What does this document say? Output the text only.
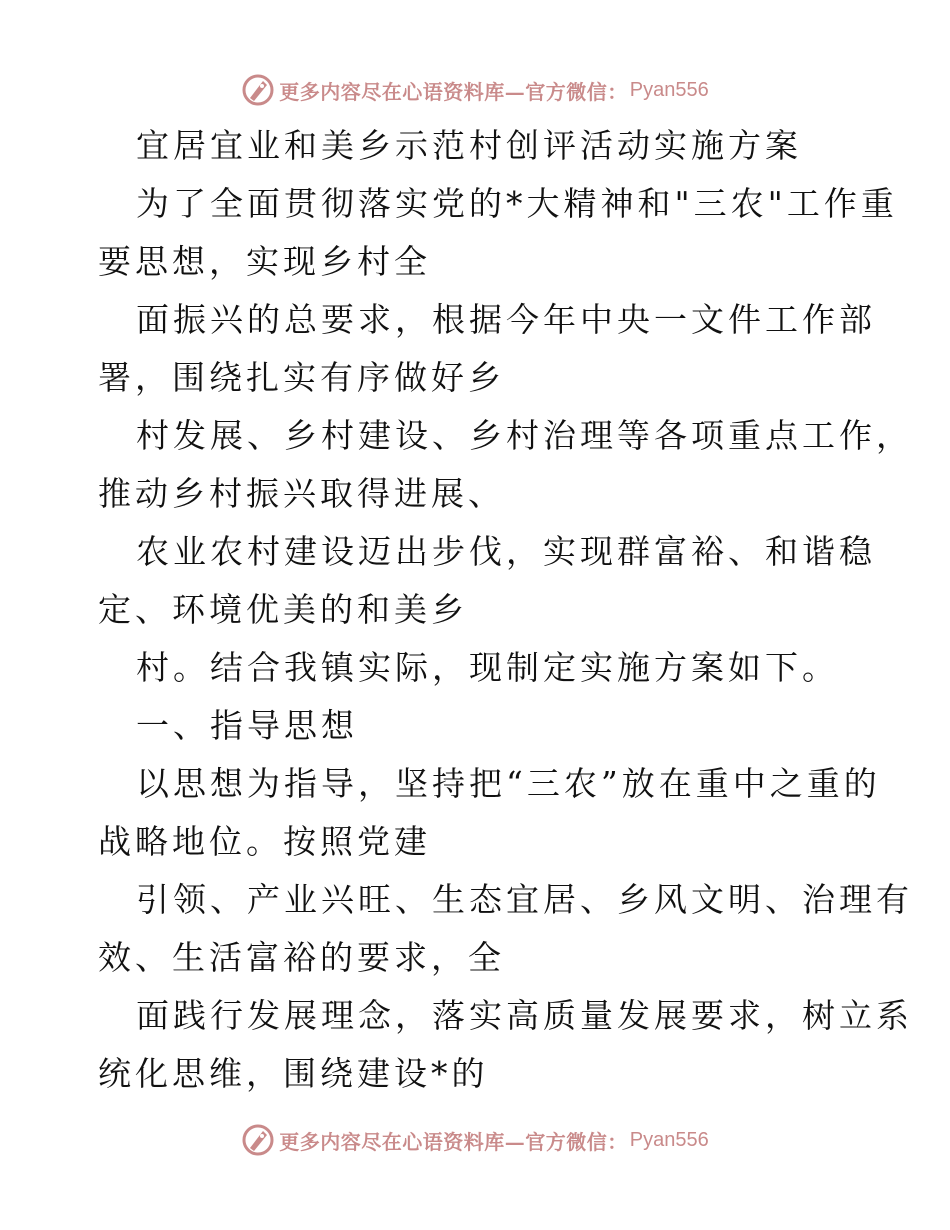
更多内容尽在心语资料库—官方微信： Pyan556
宜居宜业和美乡示范村创评活动实施方案
为了全面贯彻落实党的*大精神和"三农"工作重
要思想，实现乡村全
面振兴的总要求，根据今年中央一文件工作部
署，围绕扎实有序做好乡
村发展、乡村建设、乡村治理等各项重点工作，
推动乡村振兴取得进展、
农业农村建设迈出步伐，实现群富裕、和谐稳
定、环境优美的和美乡
村。结合我镇实际，现制定实施方案如下。
一、指导思想
以思想为指导，坚持把“三农”放在重中之重的
战略地位。按照党建
引领、产业兴旺、生态宜居、乡风文明、治理有
效、生活富裕的要求，全
面践行发展理念，落实高质量发展要求，树立系
统化思维，围绕建设*的
更多内容尽在心语资料库—官方微信： Pyan556
